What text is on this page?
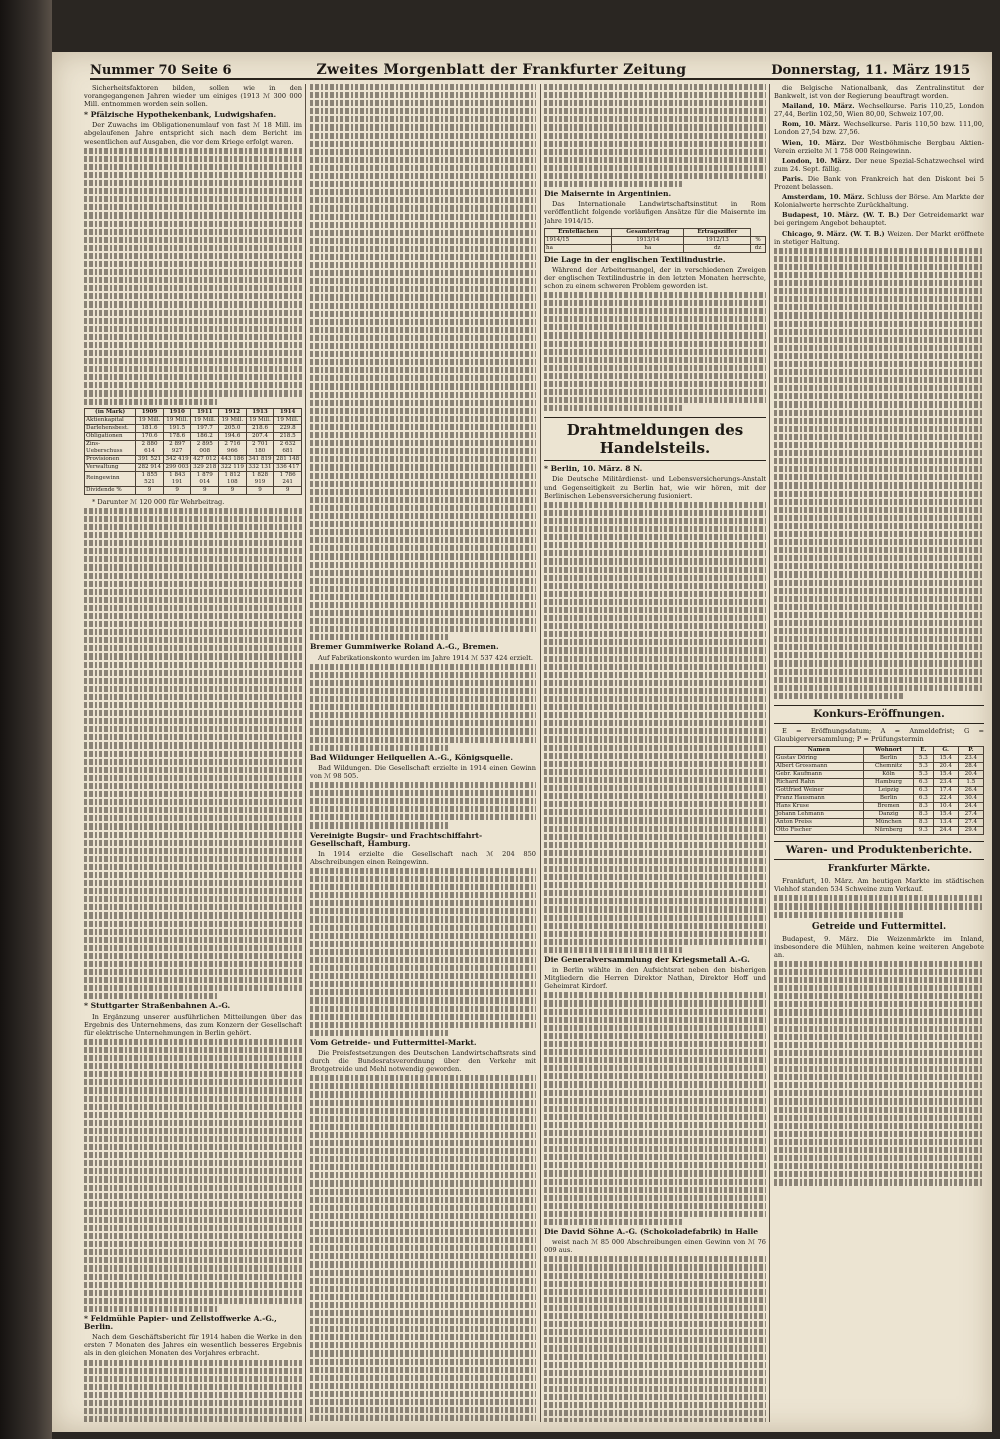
Nummer 70 Seite 6	Zweites Morgenblatt der Frankfurter Zeitung	Donnerstag, 11. März 1915

Sicherheitsfaktoren bilden, sollen wie in den vorangegangenen Jahren wieder um einiges (1913 ℳ 300 000 Mill. entnommen worden sein sollen.

* Pfälzische Hypothekenbank, Ludwigshafen.

Der Zuwachs im Obligationenumlauf von fast ℳ 18 Mill. im abgelaufenen Jahre entspricht sich nach dem Bericht im wesentlichen auf Ausgaben, die vor dem Kriege erfolgt waren.

(in Mark)	1909	1910	1911	1912	1913	1914
Aktienkapital	19 Mill.	19 Mill.	19 Mill.	19 Mill.	19 Mill.	19 Mill.
Darlehensbest.	181.6	191.5	197.7	205.0	218.6	229.8
Obligationen	170.6	178.6	186.2	194.6	207.4	218.5
Zins-Ueberschuss	2 880 614	2 897 927	2 895 008	2 716 966	2 701 180	2 632 681
Provisionen	391 521	342 419	427 012	443 186	341 819	281 148
Verwaltung	282 914	299 003	329 218	322 119	332 131	336 417
Reingewinn	1 855 521	1 843 191	1 879 014	1 812 108	1 828 919	1 786 241
Dividende %	9	9	9	9	9	9

* Darunter ℳ 120 000 für Wehrbeitrag.

* Stuttgarter Straßenbahnen A.-G.

In Ergänzung unserer ausführlichen Mitteilungen über das Ergebnis des Unternehmens, das zum Konzern der Gesellschaft für elektrische Unternehmungen in Berlin gehört.

* Feldmühle Papier- und Zellstoffwerke A.-G., Berlin.

Nach dem Geschäftsbericht für 1914 haben die Werke in den ersten 7 Monaten des Jahres ein wesentlich besseres Ergebnis als in den gleichen Monaten des Vorjahres erbracht.

Bremer Gummiwerke Roland A.-G., Bremen.

Auf Fabrikationskonto wurden im Jahre 1914 ℳ 537 424 erzielt.

Bad Wildunger Heilquellen A.-G., Königsquelle.

Bad Wildungen. Die Gesellschaft erzielte in 1914 einen Gewinn von ℳ 98 505.

Vereinigte Bugsir- und Frachtschiffahrt-Gesellschaft, Hamburg.

In 1914 erzielte die Gesellschaft nach ℳ 204 850 Abschreibungen einen Reingewinn.

Vom Getreide- und Futtermittel-Markt.

Die Preisfestsetzungen des Deutschen Landwirtschaftsrats sind durch die Bundesratsverordnung über den Verkehr mit Brotgetreide und Mehl notwendig geworden.

Die Maisernte in Argentinien.

Das Internationale Landwirtschaftsinstitut in Rom veröffentlicht folgende vorläufigen Ansätze für die Maisernte im Jahre 1914/15.

Ernteflächen	Gesamtertrag	Ertragsziffer	
1914/15	1913/14	1912/13	%
ha	ha	dz	dz
Die Lage in der englischen Textilindustrie.

Während der Arbeitermangel, der in verschiedenen Zweigen der englischen Textilindustrie in den letzten Monaten herrschte, schon zu einem schweren Problem geworden ist.

Drahtmeldungen des Handelsteils.
* Berlin, 10. März. 8 N.

Die Deutsche Militärdienst- und Lebensversicherungs-Anstalt und Gegenseitigkeit zu Berlin hat, wie wir hören, mit der Berlinischen Lebensversicherung fusioniert.

Die Generalversammlung der Kriegsmetall A.-G.

in Berlin wählte in den Aufsichtsrat neben den bisherigen Mitgliedern die Herren Direktor Nathan, Direktor Hoff und Geheimrat Kirdorf.

Die David Söhne A.-G. (Schokoladefabrik) in Halle

weist nach ℳ 85 000 Abschreibungen einen Gewinn von ℳ 76 009 aus.

die Belgische Nationalbank, das Zentralinstitut der Bankwelt, ist von der Regierung beauftragt worden.

Mailand, 10. März. Wechselkurse. Paris 110,25, London 27,44, Berlin 102,50, Wien 80,00, Schweiz 107,00.

Rom, 10. März. Wechselkurse. Paris 110,50 bzw. 111,00, London 27,54 bzw. 27,56.

Wien, 10. März. Der Westböhmische Bergbau Aktien-Verein erzielte ℳ 1 758 000 Reingewinn.

London, 10. März. Der neue Spezial-Schatzwechsel wird zum 24. Sept. fällig.

Paris. Die Bank von Frankreich hat den Diskont bei 5 Prozent belassen.

Amsterdam, 10. März. Schluss der Börse. Am Markte der Kolonialwerte herrschte Zurückhaltung.

Budapest, 10. März. (W. T. B.) Der Getreidemarkt war bei geringem Angebot behauptet.

Chicago, 9. März. (W. T. B.) Weizen. Der Markt eröffnete in stetiger Haltung.

Konkurs-Eröffnungen.

E = Eröffnungsdatum; A = Anmeldefrist; G = Glaubigerversammlung; P = Prüfungstermin

Namen	Wohnort	E.	G.	P.
Gustav Döring	Berlin	5.3	15.4	23.4
Albert Grossmann	Chemnitz	5.3	20.4	28.4
Gebr. Kaufmann	Köln	5.3	15.4	20.4
Richard Rahn	Hamburg	6.3	23.4	1.5
Gottfried Weiner	Leipzig	6.3	17.4	26.4
Franz Hausmann	Berlin	6.3	22.4	30.4
Hans Kruse	Bremen	8.3	10.4	24.4
Johann Lehmann	Danzig	8.3	15.4	27.4
Anton Preiss	München	8.3	13.4	27.4
Otto Fischer	Nürnberg	9.3	24.4	29.4
Waren- und Produktenberichte.
Frankfurter Märkte.

Frankfurt, 10. März. Am heutigen Markte im städtischen Viehhof standen 534 Schweine zum Verkauf.

Getreide und Futtermittel.

Budapest, 9. März. Die Weizenmärkte im Inland, insbesondere die Mühlen, nahmen keine weiteren Angebote an.
